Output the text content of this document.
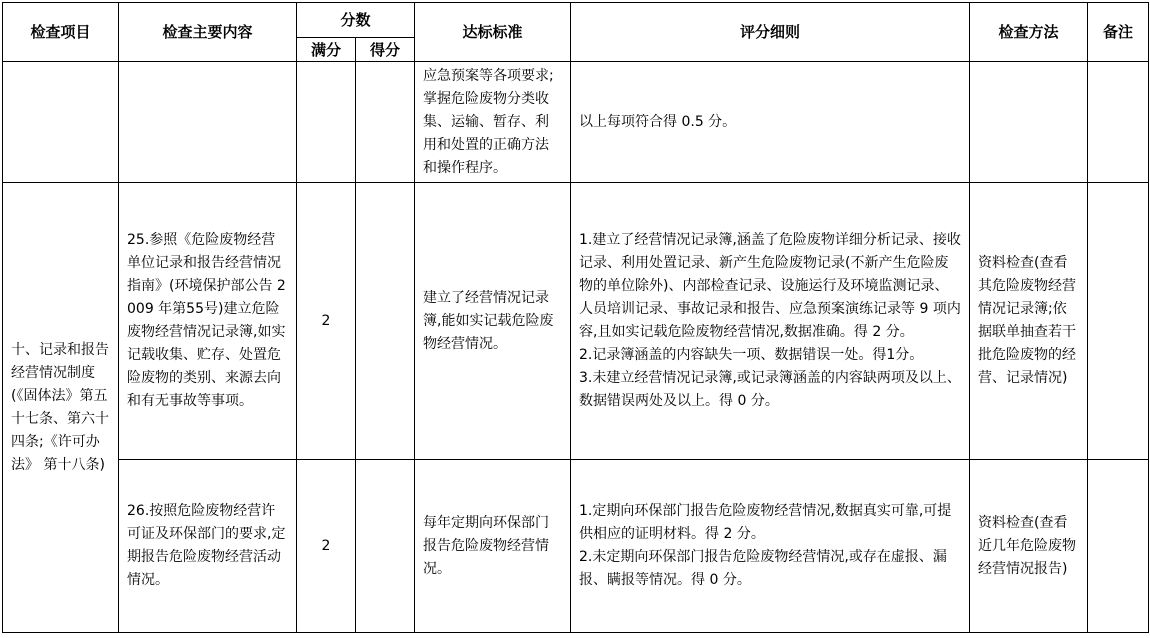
检查项目	检查主要内容	分数		达标标准	评分细则	检查方法	备注
		满分	得分				
				应急预案等各项要求;掌握危险废物分类收集、运输、暂存、利用和处置的正确方法和操作程序。	以上每项符合得 0.5 分。		
十、记录和报告经营情况制度(《固体法》第五十七条、第六十四条;《许可办法》 第十八条)	25.参照《危险废物经营单位记录和报告经营情况指南》(环境保护部公告 2009 年第55号)建立危险废物经营情况记录簿,如实记载收集、贮存、处置危险废物的类别、来源去向和有无事故等事项。	2		建立了经营情况记录簿,能如实记载危险废物经营情况。	1.建立了经营情况记录簿,涵盖了危险废物详细分析记录、接收记录、利用处置记录、新产生危险废物记录(不新产生危险废物的单位除外)、内部检查记录、设施运行及环境监测记录、人员培训记录、事故记录和报告、应急预案演练记录等 9 项内容,且如实记载危险废物经营情况,数据准确。得 2 分。
2.记录簿涵盖的内容缺失一项、数据错误一处。得1分。
3.未建立经营情况记录簿,或记录簿涵盖的内容缺两项及以上、数据错误两处及以上。得 0 分。	资料检查(查看其危险废物经营情况记录簿;依据联单抽查若干批危险废物的经营、记录情况)	
	26.按照危险废物经营许可证及环保部门的要求,定期报告危险废物经营活动情况。	2		每年定期向环保部门报告危险废物经营情况。	1.定期向环保部门报告危险废物经营情况,数据真实可靠,可提供相应的证明材料。得 2 分。
2.未定期向环保部门报告危险废物经营情况,或存在虚报、漏报、瞒报等情况。得 0 分。	资料检查(查看近几年危险废物经营情况报告)	
